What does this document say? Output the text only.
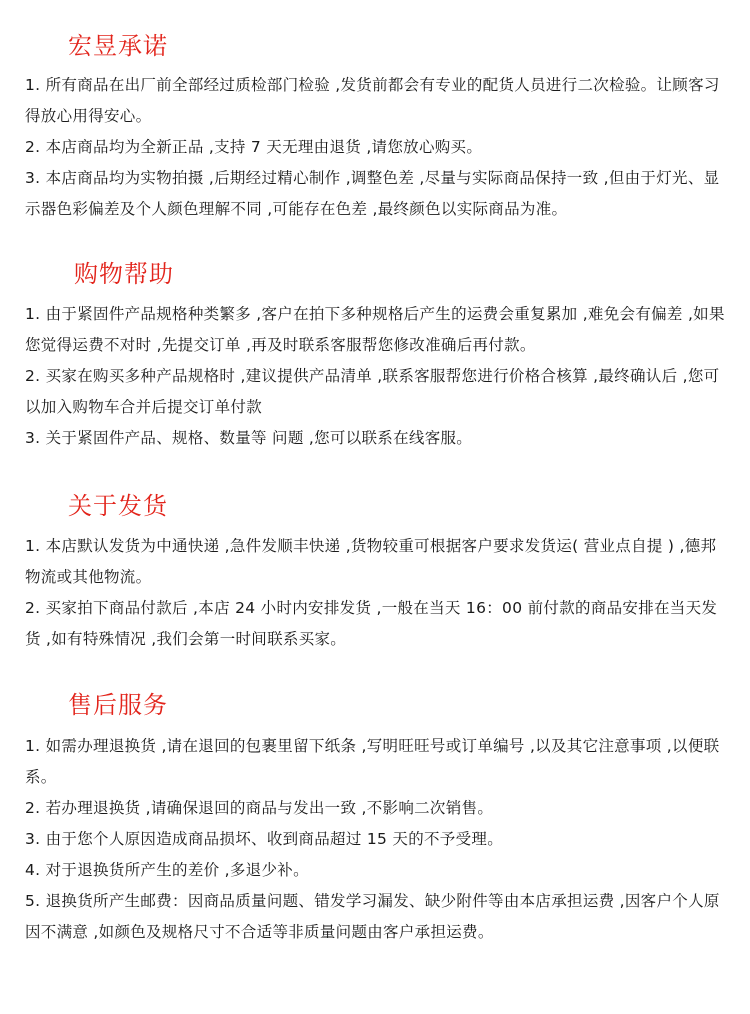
宏昱承诺
1. 所有商品在出厂前全部经过质检部门检验 ,发货前都会有专业的配货人员进行二次检验。让顾客习得放心用得安心。
2. 本店商品均为全新正品 ,支持 7 天无理由退货 ,请您放心购买。
3. 本店商品均为实物拍摄 ,后期经过精心制作 ,调整色差 ,尽量与实际商品保持一致 ,但由于灯光、显示器色彩偏差及个人颜色理解不同 ,可能存在色差 ,最终颜色以实际商品为准。
购物帮助
1. 由于紧固件产品规格种类繁多 ,客户在拍下多种规格后产生的运费会重复累加 ,难免会有偏差 ,如果您觉得运费不对时 ,先提交订单 ,再及时联系客服帮您修改准确后再付款。
2. 买家在购买多种产品规格时 ,建议提供产品清单 ,联系客服帮您进行价格合核算 ,最终确认后 ,您可以加入购物车合并后提交订单付款
3. 关于紧固件产品、规格、数量等 问题 ,您可以联系在线客服。
关于发货
1. 本店默认发货为中通快递 ,急件发顺丰快递 ,货物较重可根据客户要求发货运( 营业点自提 ) ,德邦物流或其他物流。
2. 买家拍下商品付款后 ,本店 24 小时内安排发货 ,一般在当天 16：00 前付款的商品安排在当天发货 ,如有特殊情况 ,我们会第一时间联系买家。
售后服务
1. 如需办理退换货 ,请在退回的包裹里留下纸条 ,写明旺旺号或订单编号 ,以及其它注意事项 ,以便联系。
2. 若办理退换货 ,请确保退回的商品与发出一致 ,不影响二次销售。
3. 由于您个人原因造成商品损坏、收到商品超过 15 天的不予受理。
4. 对于退换货所产生的差价 ,多退少补。
5. 退换货所产生邮费：因商品质量问题、错发学习漏发、缺少附件等由本店承担运费 ,因客户个人原因不满意 ,如颜色及规格尺寸不合适等非质量问题由客户承担运费。
